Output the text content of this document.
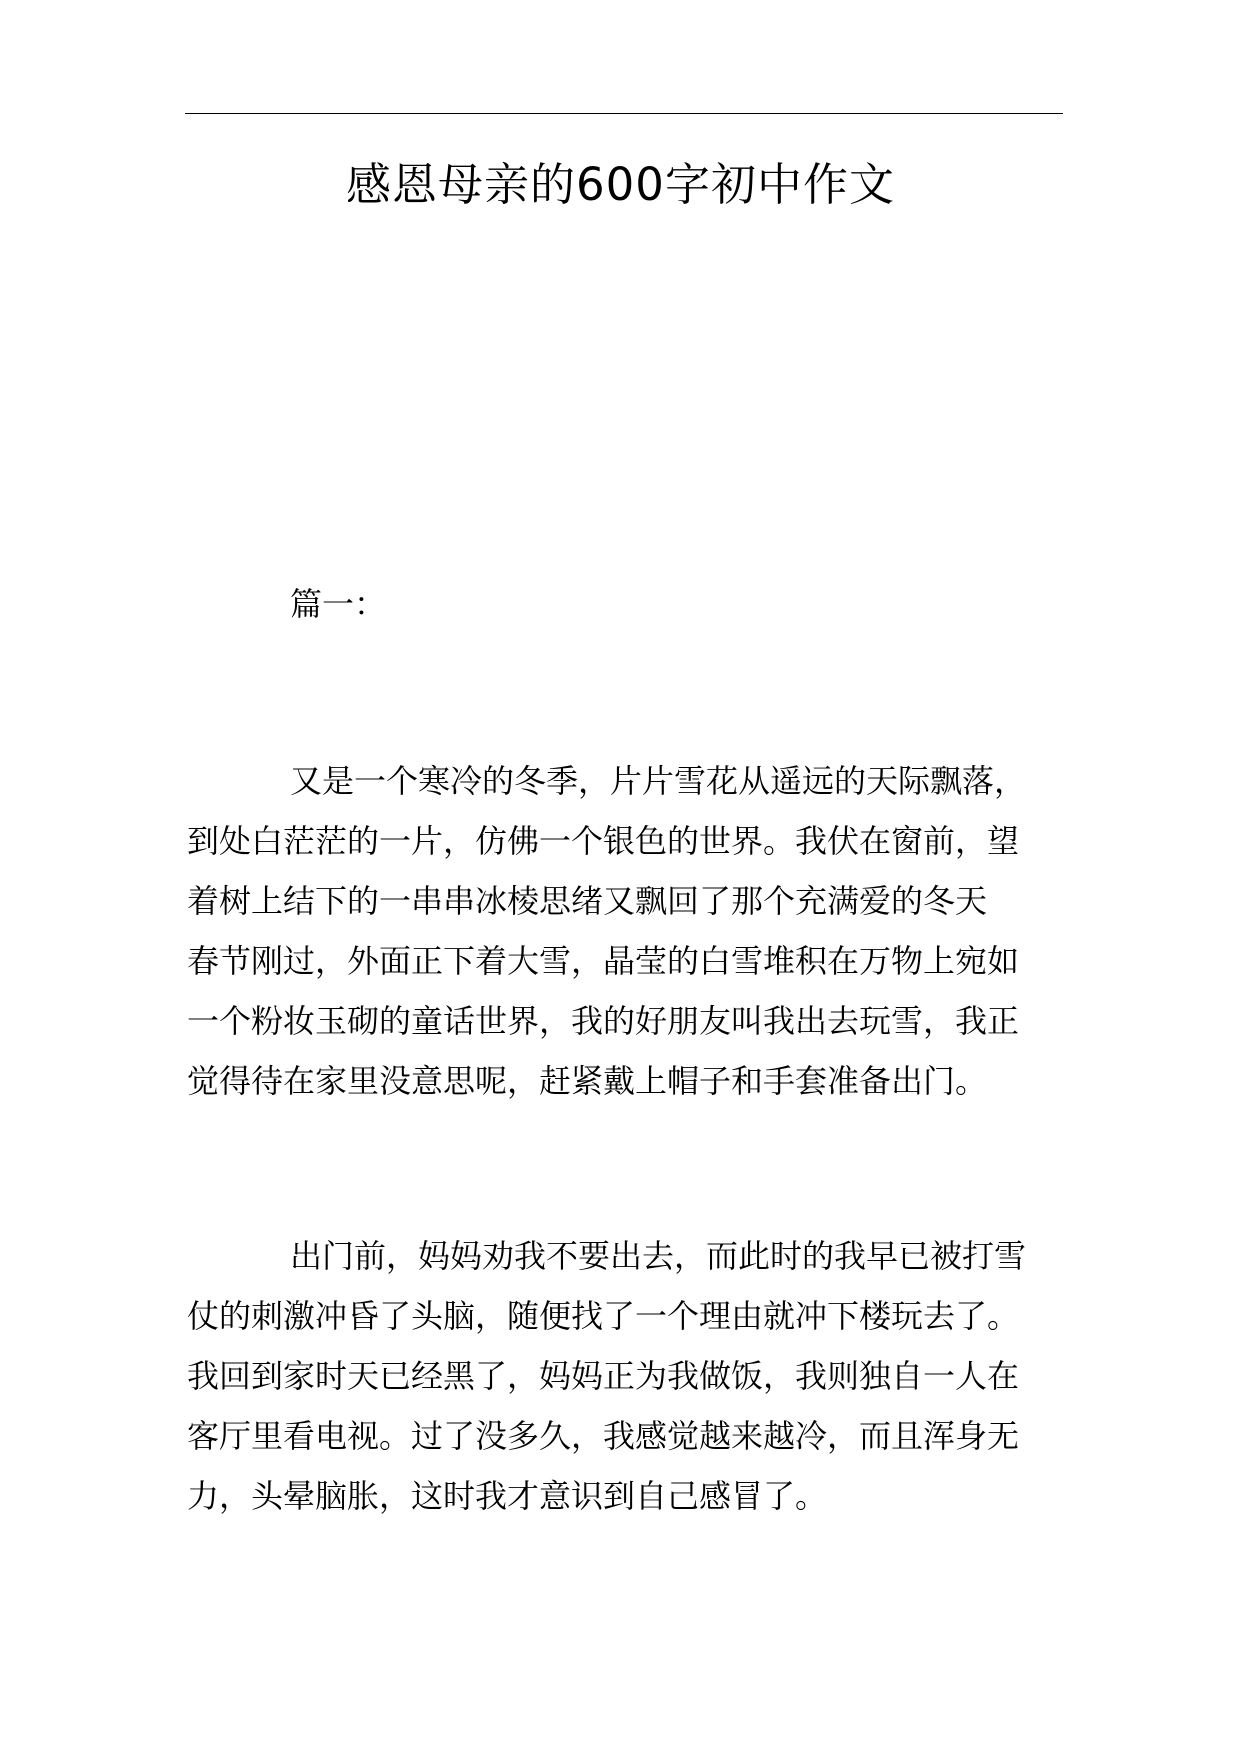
感恩母亲的600字初中作文
篇一：
又是一个寒冷的冬季，片片雪花从遥远的天际飘落，
到处白茫茫的一片，仿佛一个银色的世界。我伏在窗前，望
着树上结下的一串串冰棱思绪又飘回了那个充满爱的冬天
春节刚过，外面正下着大雪，晶莹的白雪堆积在万物上宛如
一个粉妆玉砌的童话世界，我的好朋友叫我出去玩雪，我正
觉得待在家里没意思呢，赶紧戴上帽子和手套准备出门。
出门前，妈妈劝我不要出去，而此时的我早已被打雪
仗的刺激冲昏了头脑，随便找了一个理由就冲下楼玩去了。
我回到家时天已经黑了，妈妈正为我做饭，我则独自一人在
客厅里看电视。过了没多久，我感觉越来越冷，而且浑身无
力，头晕脑胀，这时我才意识到自己感冒了。
